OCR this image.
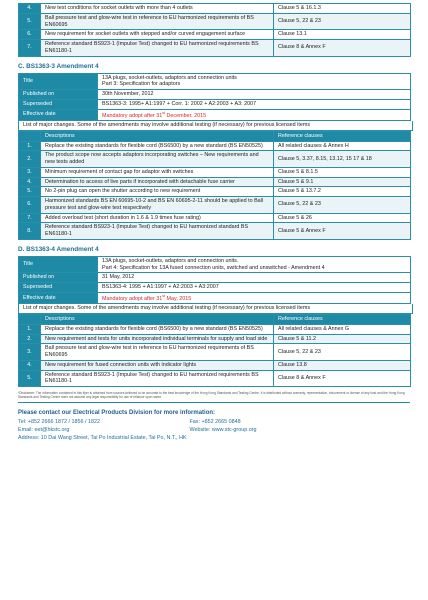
4.	New test conditions for socket outlets with more than 4 outlets	Clause 5 & 16.1.3
5.	Ball pressure test and glow-wire test in reference to EU harmonized requirements of BS EN60695	Clause 5, 22 & 23
6.	New requirement for socket outlets with stepped and/or curved engagement surface	Clause 13.1
7.	Reference standard BS923-1 (Impulse Test) changed to EU harmonized requirements BS EN61180-1	Clause 8 & Annex F
C. BS1363-3 Amendment 4
Title	13A plugs, socket-outlets, adaptors and connection units
Part 3: Specification for adaptors

Published on	30th November, 2012
Superseded	BS1363-3: 1995+ A1:1997 + Corr. 1: 2002 + A2:2003 + A3: 2007
Effective date	Mandatory adopt after 31st December, 2015
List of major changes. Some of the amendments may involve additional testing (if necessary) for previous licensed items
	Descriptions	Reference clauses
1.	Replace the existing standards for flexible cord (BS6500) by a new standard (BS EN50525)	All related clauses & Annex H
2.	The product scope now accepts adaptors incorporating switches – New requirements and new tests added	Clause 5, 3.37, 8.15, 13.12, 15 17 & 18
3.	Minimum requirement of contact gap for adaptor with switches	Clause 5 & 8.1.5
4.	Determination to access of live parts if incorporated with detachable fuse carrier	Clause 5 & 9.1
5.	No 2-pin plug can open the shutter according to new requirement	Clause 5 & 13.7.2
6.	Harmonized standards BS EN 60695-10-2 and BS EN 60695-2-11 should be applied to Ball pressure test and glow-wire test respectively	Clause 5, 22 & 23
7.	Added overload test (short duration in 1.6 & 1.9 times fuse rating)	Clause 5 & 26
8.	Reference standard BS923-1 (Impulse Test) changed to EU harmonized standard BS EN61180-1	Clause 5 & Annex F
D. BS1363-4 Amendment 4
Title	13A plugs, socket-outlets, adaptors and connection units.
Part 4: Specification for 13A fused connection units, switched and unswitched - Amendment 4

Published on	31 May, 2012
Superseded	BS1363-4: 1995 + A1:1997 + A2:2003 + A3:2007
Effective date	Mandatory adopt after 31st May, 2015
List of major changes. Some of the amendments may involve additional testing (if necessary) for previous licensed items
	Descriptions	Reference clauses
1.	Replace the existing standards for flexible cord (BS6500) by a new standard (BS EN50525)	All related clauses & Annex G
2.	New requirement and tests for units incorporated individual terminals for supply and load side	Clause 5 & 11.2
3.	Ball pressure test and glow-wire test in reference to EU harmonized requirements of BS EN60695	Clause 5, 22 & 23
4.	New requirement for fused connection units with indicator lights	Clause 13.8
5.	Reference standard BS923-1 (Impulse Test) changed to EU harmonized requirements BS EN61180-1	Clause 8 & Annex F
*Disclaimer: The information contained in this flyer is obtained from sources believed to be accurate to the best knowledge of the Hong Kong Standards and Testing Centre. It is distributed without warranty, representation, inducement or license of any kind and the Hong Kong Standards and Testing Centre does not assume any legal responsibility for use of reliance upon same.
Please contact our Electrical Products Division for more information:
Tel: +852 2666 1872 / 1856 / 1822	Fax: +852 2665 0848
Email: eet@hkstc.org	Website: www.stc-group.org
Address: 10 Dai Wang Street, Tai Po Industrial Estate, Tai Po, N.T., HK
